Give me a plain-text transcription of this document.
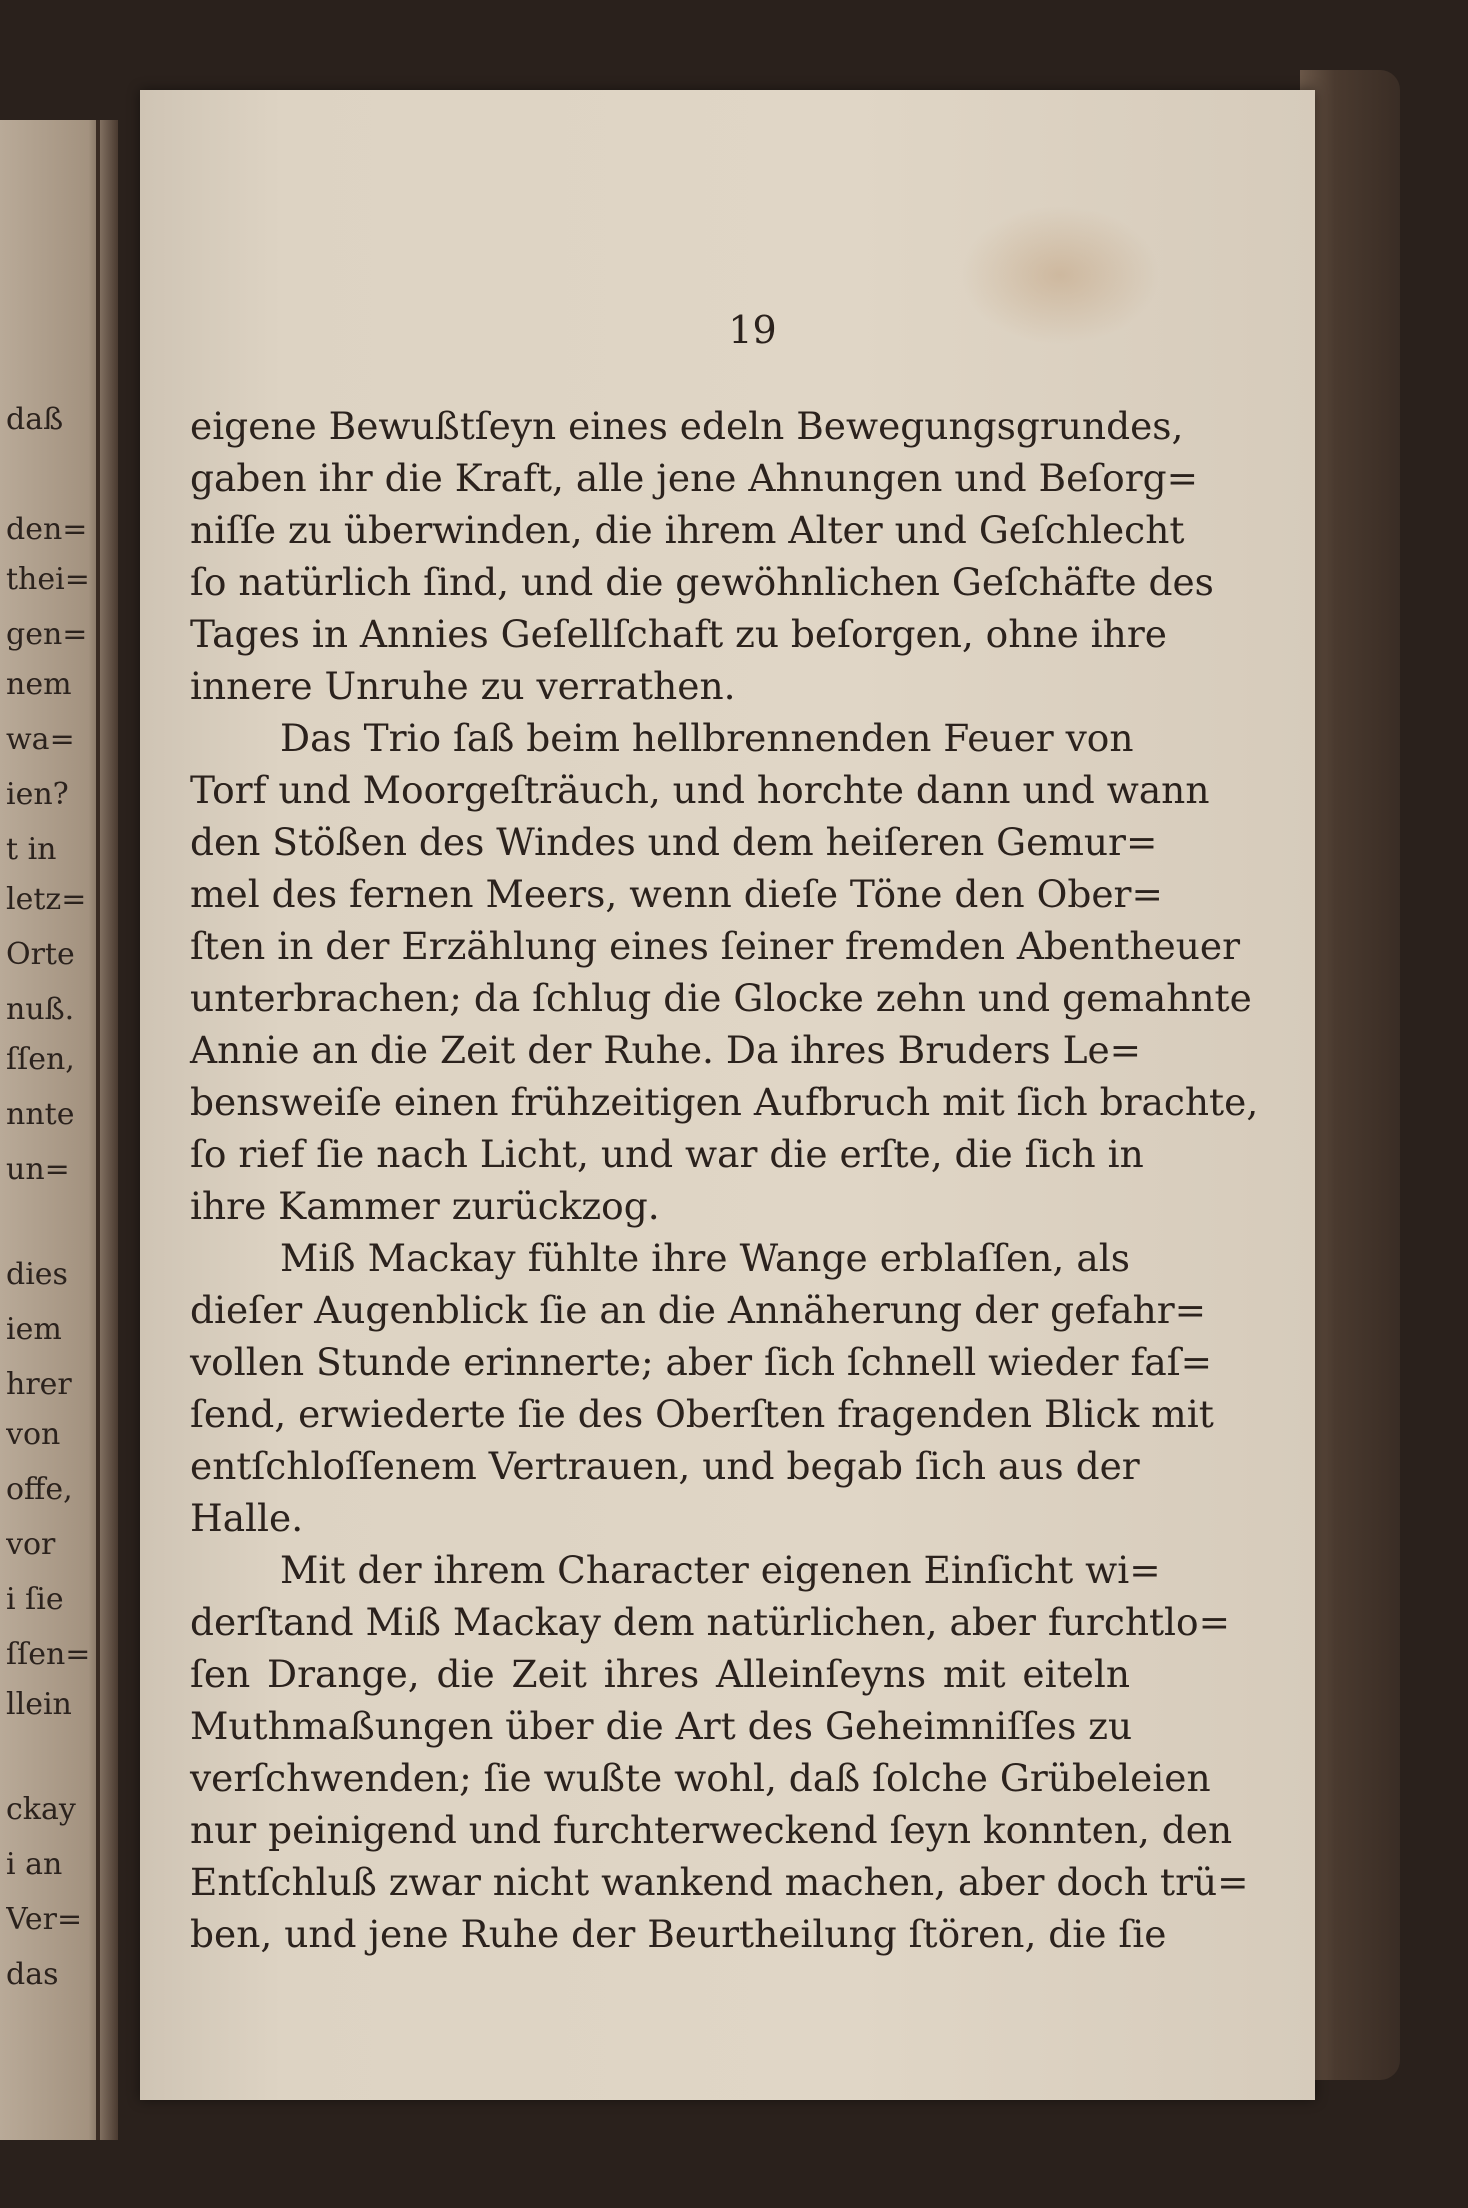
daß
den=
thei=
gen=
nem
wa=
ien?
t in
letz=
Orte
nuß.
ſſen,
nnte
un=
dies
iem
hrer
von
offe,
vor
i ſie
ſſen=
llein
ckay
i an
Ver=
das
19
eigene Bewußtſeyn eines edeln Bewegungsgrundes,
gaben ihr die Kraft, alle jene Ahnungen und Beſorg=
niſſe zu überwinden, die ihrem Alter und Geſchlecht
ſo natürlich ſind, und die gewöhnlichen Geſchäfte des
Tages in Annies Geſellſchaft zu beſorgen, ohne ihre
innere Unruhe zu verrathen.
Das Trio ſaß beim hellbrennenden Feuer von
Torf und Moorgeſträuch, und horchte dann und wann
den Stößen des Windes und dem heiſeren Gemur=
mel des fernen Meers, wenn dieſe Töne den Ober=
ſten in der Erzählung eines ſeiner fremden Abentheuer
unterbrachen; da ſchlug die Glocke zehn und gemahnte
Annie an die Zeit der Ruhe. Da ihres Bruders Le=
bensweiſe einen frühzeitigen Aufbruch mit ſich brachte,
ſo rief ſie nach Licht, und war die erſte, die ſich in
ihre Kammer zurückzog.
Miß Mackay fühlte ihre Wange erblaſſen, als
dieſer Augenblick ſie an die Annäherung der gefahr=
vollen Stunde erinnerte; aber ſich ſchnell wieder faſ=
ſend, erwiederte ſie des Oberſten fragenden Blick mit
entſchloſſenem Vertrauen, und begab ſich aus der
Halle.
Mit der ihrem Character eigenen Einſicht wi=
derſtand Miß Mackay dem natürlichen, aber furchtlo=
ſen Drange, die Zeit ihres Alleinſeyns mit eiteln
Muthmaßungen über die Art des Geheimniſſes zu
verſchwenden; ſie wußte wohl, daß ſolche Grübeleien
nur peinigend und furchterweckend ſeyn konnten, den
Entſchluß zwar nicht wankend machen, aber doch trü=
ben, und jene Ruhe der Beurtheilung ſtören, die ſie
